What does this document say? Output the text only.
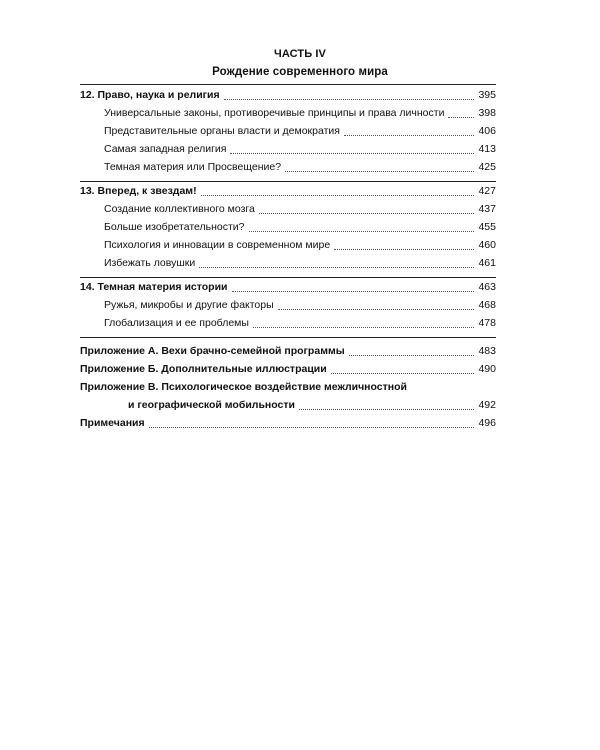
ЧАСТЬ IV
Рождение современного мира
12. Право, наука и религия	395
Универсальные законы, противоречивые принципы и права личности	398
Представительные органы власти и демократия	406
Самая западная религия	413
Темная материя или Просвещение?	425
13. Вперед, к звездам!	427
Создание коллективного мозга	437
Больше изобретательности?	455
Психология и инновации в современном мире	460
Избежать ловушки	461
14. Темная материя истории	463
Ружья, микробы и другие факторы	468
Глобализация и ее проблемы	478
Приложение А. Вехи брачно-семейной программы	483
Приложение Б. Дополнительные иллюстрации	490
Приложение В. Психологическое воздействие межличностной
и географической мобильности	492
Примечания	496
